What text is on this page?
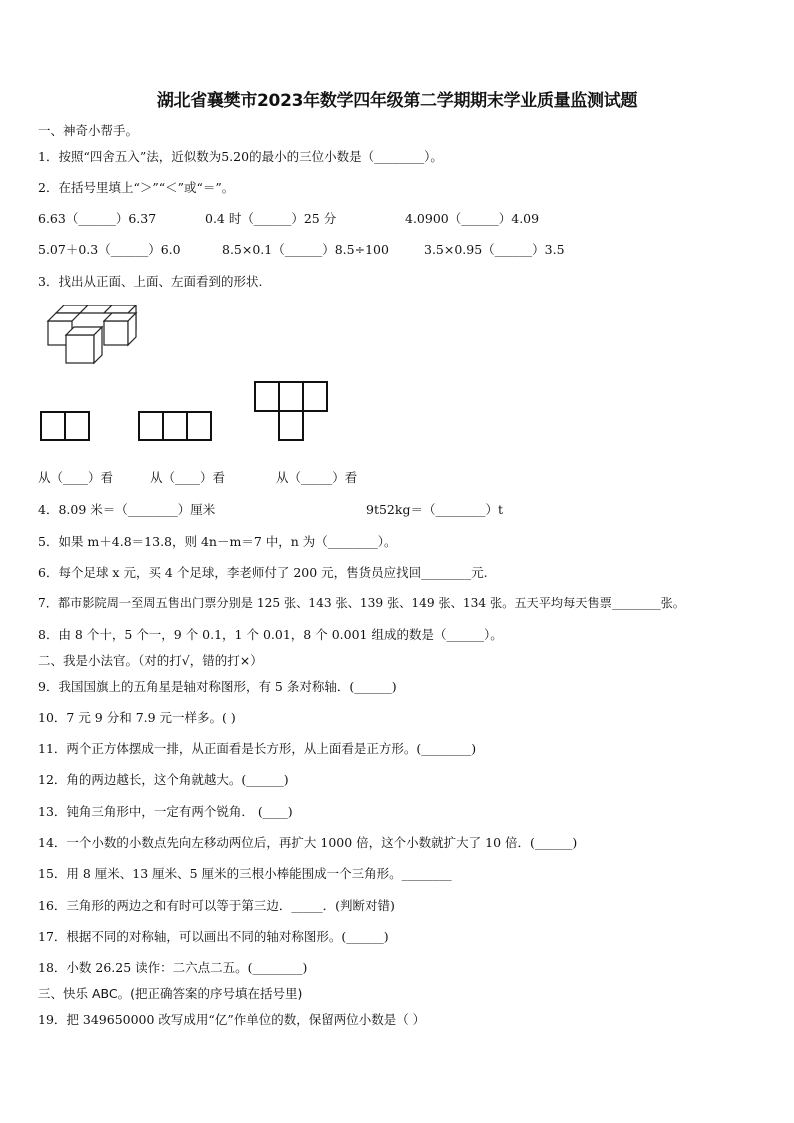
湖北省襄樊市2023年数学四年级第二学期期末学业质量监测试题
一、神奇小帮手。
1．按照“四舍五入”法，近似数为5.20的最小的三位小数是（________）。
2．在括号里填上“＞”“＜”或“＝”。
6.63（______）6.37	0.4 时（______）25 分	4.0900（______）4.09
5.07＋0.3（______）6.0	8.5×0.1（______）8.5÷100	3.5×0.95（______）3.5
3．找出从正面、上面、左面看到的形状.
从（____）看	从（____）看	从（_____）看
4．8.09 米＝（________）厘米	9t52kg＝（________）t
5．如果 m＋4.8＝13.8，则 4n－m＝7 中，n 为（________）。
6．每个足球 x 元，买 4 个足球，李老师付了 200 元，售货员应找回________元.
7．都市影院周一至周五售出门票分别是 125 张、143 张、139 张、149 张、134 张。五天平均每天售票________张。
8．由 8 个十，5 个一，9 个 0.1，1 个 0.01，8 个 0.001 组成的数是（______）。
二、我是小法官。（对的打√，错的打×）
9．我国国旗上的五角星是轴对称图形，有 5 条对称轴．(______)
10．7 元 9 分和 7.9 元一样多。( )
11．两个正方体摆成一排，从正面看是长方形，从上面看是正方形。(________)
12．角的两边越长，这个角就越大。(______)
13．钝角三角形中，一定有两个锐角． (____)
14．一个小数的小数点先向左移动两位后，再扩大 1000 倍，这个小数就扩大了 10 倍．(______)
15．用 8 厘米、13 厘米、5 厘米的三根小棒能围成一个三角形。________
16．三角形的两边之和有时可以等于第三边．_____．(判断对错)
17．根据不同的对称轴，可以画出不同的轴对称图形。(______)
18．小数 26.25 读作：二六点二五。(________)
三、快乐 ABC。(把正确答案的序号填在括号里)
19．把 349650000 改写成用“亿”作单位的数，保留两位小数是（ ）
